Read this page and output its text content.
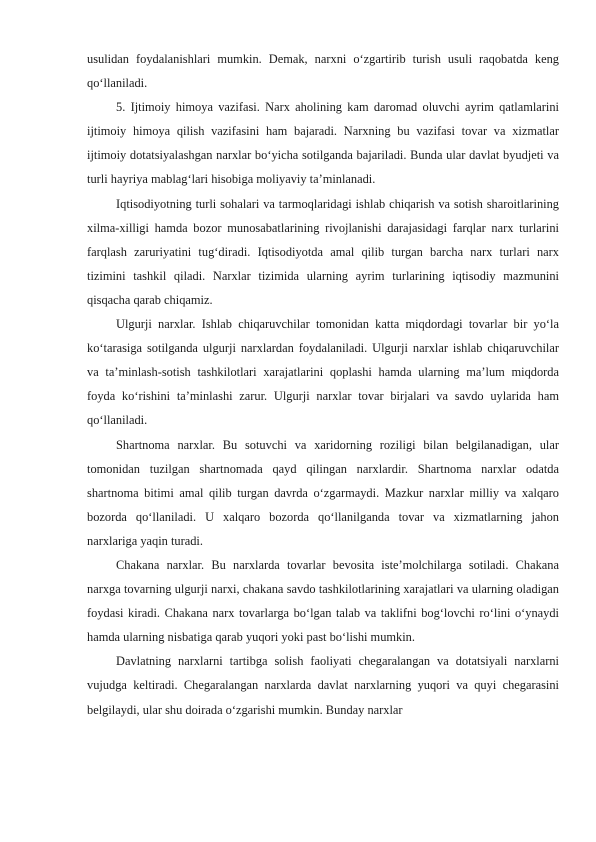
usulidan foydalanishlari mumkin. Demak, narxni o‘zgartirib turish usuli raqobatda keng qo‘llaniladi.

5. Ijtimoiy himoya vazifasi. Narx aholining kam daromad oluvchi ayrim qatlamlarini ijtimoiy himoya qilish vazifasini ham bajaradi. Narxning bu vazifasi tovar va xizmatlar ijtimoiy dotatsiyalashgan narxlar bo‘yicha sotilganda bajariladi. Bunda ular davlat byudjeti va turli hayriya mablag‘lari hisobiga moliyaviy ta’minlanadi.

Iqtisodiyotning turli sohalari va tarmoqlaridagi ishlab chiqarish va sotish sharoitlarining xilma-xilligi hamda bozor munosabatlarining rivojlanishi darajasidagi farqlar narx turlarini farqlash zaruriyatini tug‘diradi. Iqtisodiyotda amal qilib turgan barcha narx turlari narx tizimini tashkil qiladi. Narxlar tizimida ularning ayrim turlarining iqtisodiy mazmunini qisqacha qarab chiqamiz.

Ulgurji narxlar. Ishlab chiqaruvchilar tomonidan katta miqdordagi tovarlar bir yo‘la ko‘tarasiga sotilganda ulgurji narxlardan foydalaniladi. Ulgurji narxlar ishlab chiqaruvchilar va ta’minlash-sotish tashkilotlari xarajatlarini qoplashi hamda ularning ma’lum miqdorda foyda ko‘rishini ta’minlashi zarur. Ulgurji narxlar tovar birjalari va savdo uylarida ham qo‘llaniladi.

Shartnoma narxlar. Bu sotuvchi va xaridorning roziligi bilan belgilanadigan, ular tomonidan tuzilgan shartnomada qayd qilingan narxlardir. Shartnoma narxlar odatda shartnoma bitimi amal qilib turgan davrda o‘zgarmaydi. Mazkur narxlar milliy va xalqaro bozorda qo‘llaniladi. U xalqaro bozorda qo‘llanilganda tovar va xizmatlarning jahon narxlariga yaqin turadi.

Chakana narxlar. Bu narxlarda tovarlar bevosita iste’molchilarga sotiladi. Chakana narxga tovarning ulgurji narxi, chakana savdo tashkilotlarining xarajatlari va ularning oladigan foydasi kiradi. Chakana narx tovarlarga bo‘lgan talab va taklifni bog‘lovchi ro‘lini o‘ynaydi hamda ularning nisbatiga qarab yuqori yoki past bo‘lishi mumkin.

Davlatning narxlarni tartibga solish faoliyati chegaralangan va dotatsiyali narxlarni vujudga keltiradi. Chegaralangan narxlarda davlat narxlarning yuqori va quyi chegarasini belgilaydi, ular shu doirada o‘zgarishi mumkin. Bunday narxlar
